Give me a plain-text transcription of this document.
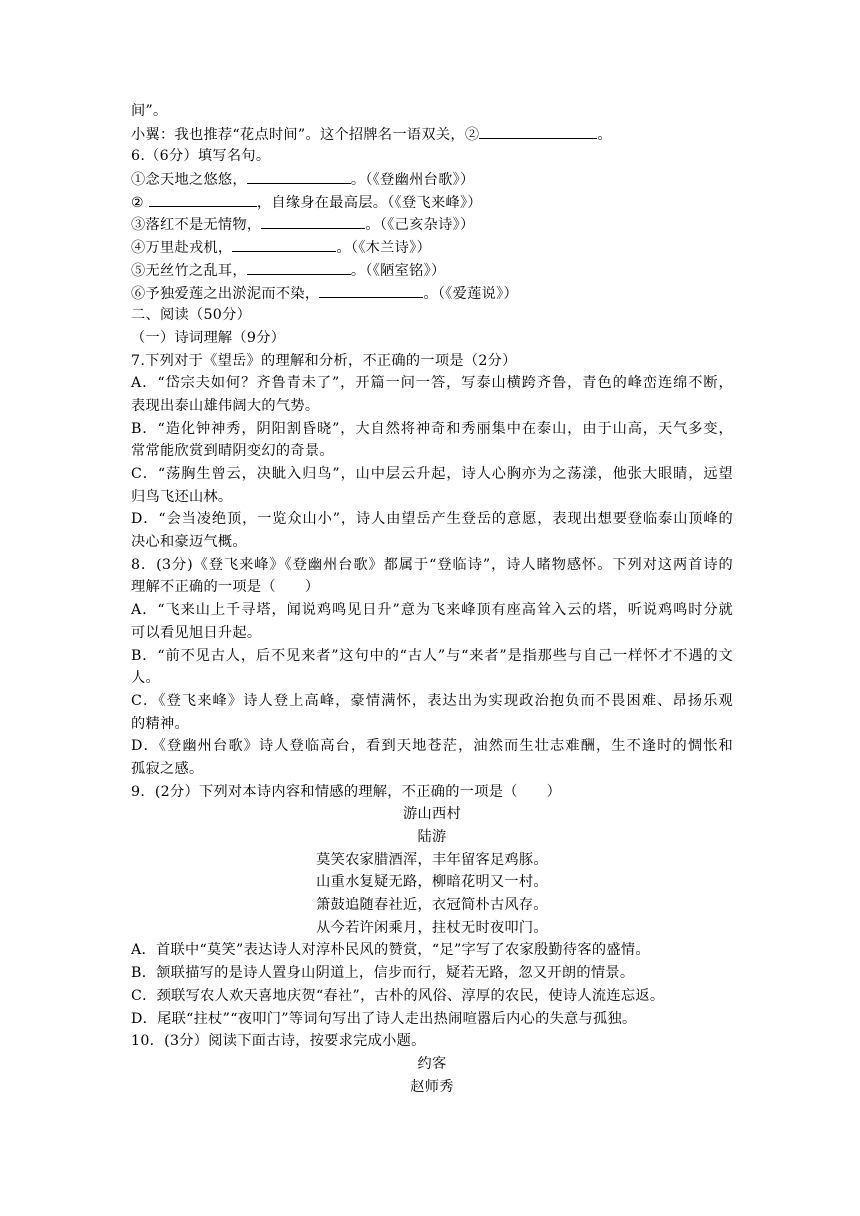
间”。
小翼：我也推荐“花点时间”。这个招牌名一语双关，②	。
6.（6分）填写名句。
①念天地之悠悠，	。（《登幽州台歌》）
②	，自缘身在最高层。（《登飞来峰》）
③落红不是无情物，	。（《己亥杂诗》）
④万里赴戎机，	。（《木兰诗》）
⑤无丝竹之乱耳，	。（《陋室铭》）
⑥予独爱莲之出淤泥而不染，	。（《爱莲说》）
二、阅读（50分）
（一）诗词理解（9分）
7.下列对于《望岳》的理解和分析，不正确的一项是（2分）
A．“岱宗夫如何？齐鲁青未了”，开篇一问一答，写泰山横跨齐鲁，青色的峰峦连绵不断，
表现出泰山雄伟阔大的气势。
B．“造化钟神秀，阴阳割昏晓”，大自然将神奇和秀丽集中在泰山，由于山高，天气多变，
常常能欣赏到晴阴变幻的奇景。
C．“荡胸生曾云，决眦入归鸟”，山中层云升起，诗人心胸亦为之荡漾，他张大眼睛，远望
归鸟飞还山林。
D．“会当凌绝顶，一览众山小”，诗人由望岳产生登岳的意愿，表现出想要登临泰山顶峰的
决心和豪迈气概。
8．(3分)《登飞来峰》《登幽州台歌》都属于“登临诗”，诗人睹物感怀。下列对这两首诗的
理解不正确的一项是（　　）
A．“飞来山上千寻塔，闻说鸡鸣见日升”意为飞来峰顶有座高耸入云的塔，听说鸡鸣时分就
可以看见旭日升起。
B．“前不见古人，后不见来者”这句中的“古人”与“来者”是指那些与自己一样怀才不遇的文
人。
C．《登飞来峰》诗人登上高峰，豪情满怀，表达出为实现政治抱负而不畏困难、昂扬乐观
的精神。
D．《登幽州台歌》诗人登临高台，看到天地苍茫，油然而生壮志难酬，生不逢时的惆怅和
孤寂之感。
9．(2分）下列对本诗内容和情感的理解，不正确的一项是（　　）
游山西村
陆游
莫笑农家腊酒浑，丰年留客足鸡豚。
山重水复疑无路，柳暗花明又一村。
箫鼓追随春社近，衣冠简朴古风存。
从今若许闲乘月，拄杖无时夜叩门。
A．首联中“莫笑”表达诗人对淳朴民风的赞赏，“足”字写了农家殷勤待客的盛情。
B．颔联描写的是诗人置身山阴道上，信步而行，疑若无路，忽又开朗的情景。
C．颈联写农人欢天喜地庆贺“春社”，古朴的风俗、淳厚的农民，使诗人流连忘返。
D．尾联“拄杖”“夜叩门”等词句写出了诗人走出热闹喧嚣后内心的失意与孤独。
10．(3分）阅读下面古诗，按要求完成小题。
约客
赵师秀
